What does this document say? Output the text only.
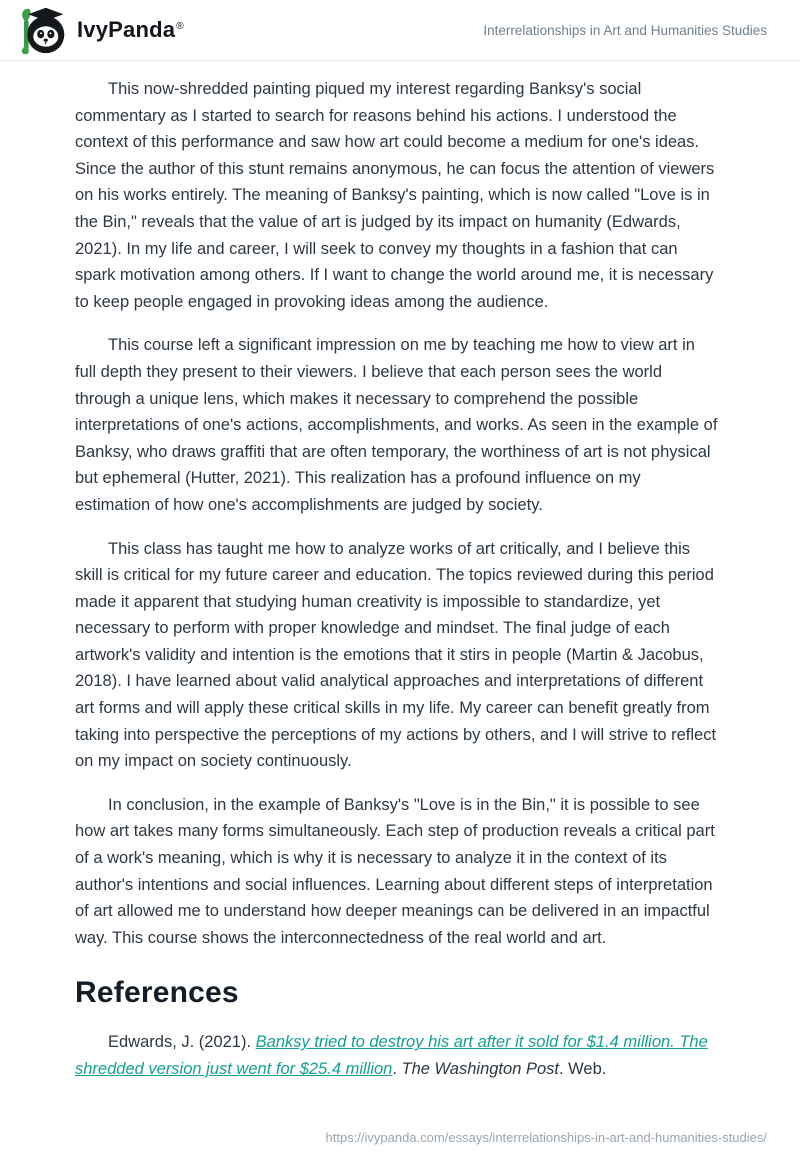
IvyPanda®	Interrelationships in Art and Humanities Studies

This now-shredded painting piqued my interest regarding Banksy's social commentary as I started to search for reasons behind his actions. I understood the context of this performance and saw how art could become a medium for one's ideas. Since the author of this stunt remains anonymous, he can focus the attention of viewers on his works entirely. The meaning of Banksy's painting, which is now called "Love is in the Bin," reveals that the value of art is judged by its impact on humanity (Edwards, 2021). In my life and career, I will seek to convey my thoughts in a fashion that can spark motivation among others. If I want to change the world around me, it is necessary to keep people engaged in provoking ideas among the audience.

This course left a significant impression on me by teaching me how to view art in full depth they present to their viewers. I believe that each person sees the world through a unique lens, which makes it necessary to comprehend the possible interpretations of one's actions, accomplishments, and works. As seen in the example of Banksy, who draws graffiti that are often temporary, the worthiness of art is not physical but ephemeral (Hutter, 2021). This realization has a profound influence on my estimation of how one's accomplishments are judged by society.

This class has taught me how to analyze works of art critically, and I believe this skill is critical for my future career and education. The topics reviewed during this period made it apparent that studying human creativity is impossible to standardize, yet necessary to perform with proper knowledge and mindset. The final judge of each artwork's validity and intention is the emotions that it stirs in people (Martin & Jacobus, 2018). I have learned about valid analytical approaches and interpretations of different art forms and will apply these critical skills in my life. My career can benefit greatly from taking into perspective the perceptions of my actions by others, and I will strive to reflect on my impact on society continuously.

In conclusion, in the example of Banksy's "Love is in the Bin," it is possible to see how art takes many forms simultaneously. Each step of production reveals a critical part of a work's meaning, which is why it is necessary to analyze it in the context of its author's intentions and social influences. Learning about different steps of interpretation of art allowed me to understand how deeper meanings can be delivered in an impactful way. This course shows the interconnectedness of the real world and art.

References

Edwards, J. (2021). Banksy tried to destroy his art after it sold for $1.4 million. The shredded version just went for $25.4 million. The Washington Post. Web.

https://ivypanda.com/essays/interrelationships-in-art-and-humanities-studies/
